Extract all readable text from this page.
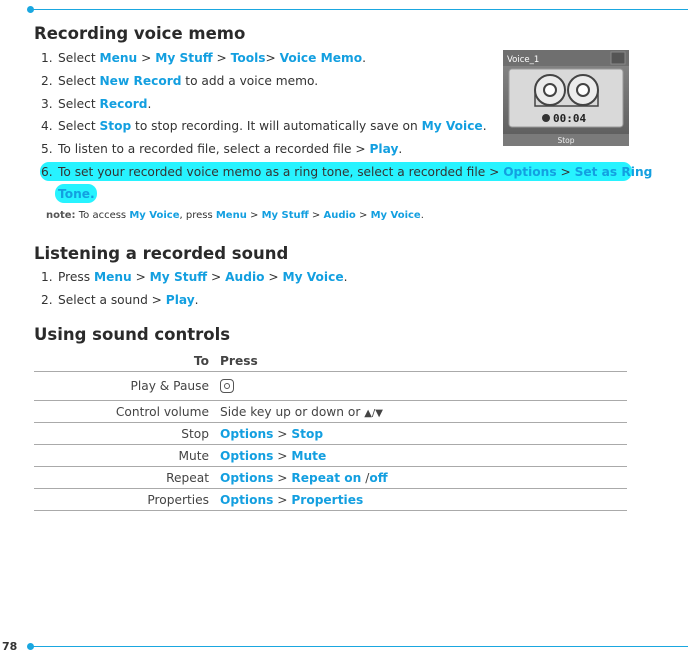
Recording voice memo
1. Select Menu > My Stuff > Tools> Voice Memo.
2. Select New Record to add a voice memo.
3. Select Record.
4. Select Stop to stop recording. It will automatically save on My Voice.
5. To listen to a recorded file, select a recorded file > Play.
6. To set your recorded voice memo as a ring tone, select a recorded file > Options > Set as Ring
Tone.
note: To access My Voice, press Menu > My Stuff > Audio > My Voice.
Voice_1
00:04
Stop
Listening a recorded sound
1. Press Menu > My Stuff > Audio > My Voice.
2. Select a sound > Play.
Using sound controls
To	Press
Play & Pause	
Control volume	Side key up or down or ▲/▼
Stop	Options > Stop
Mute	Options > Mute
Repeat	Options > Repeat on /off
Properties	Options > Properties
78
